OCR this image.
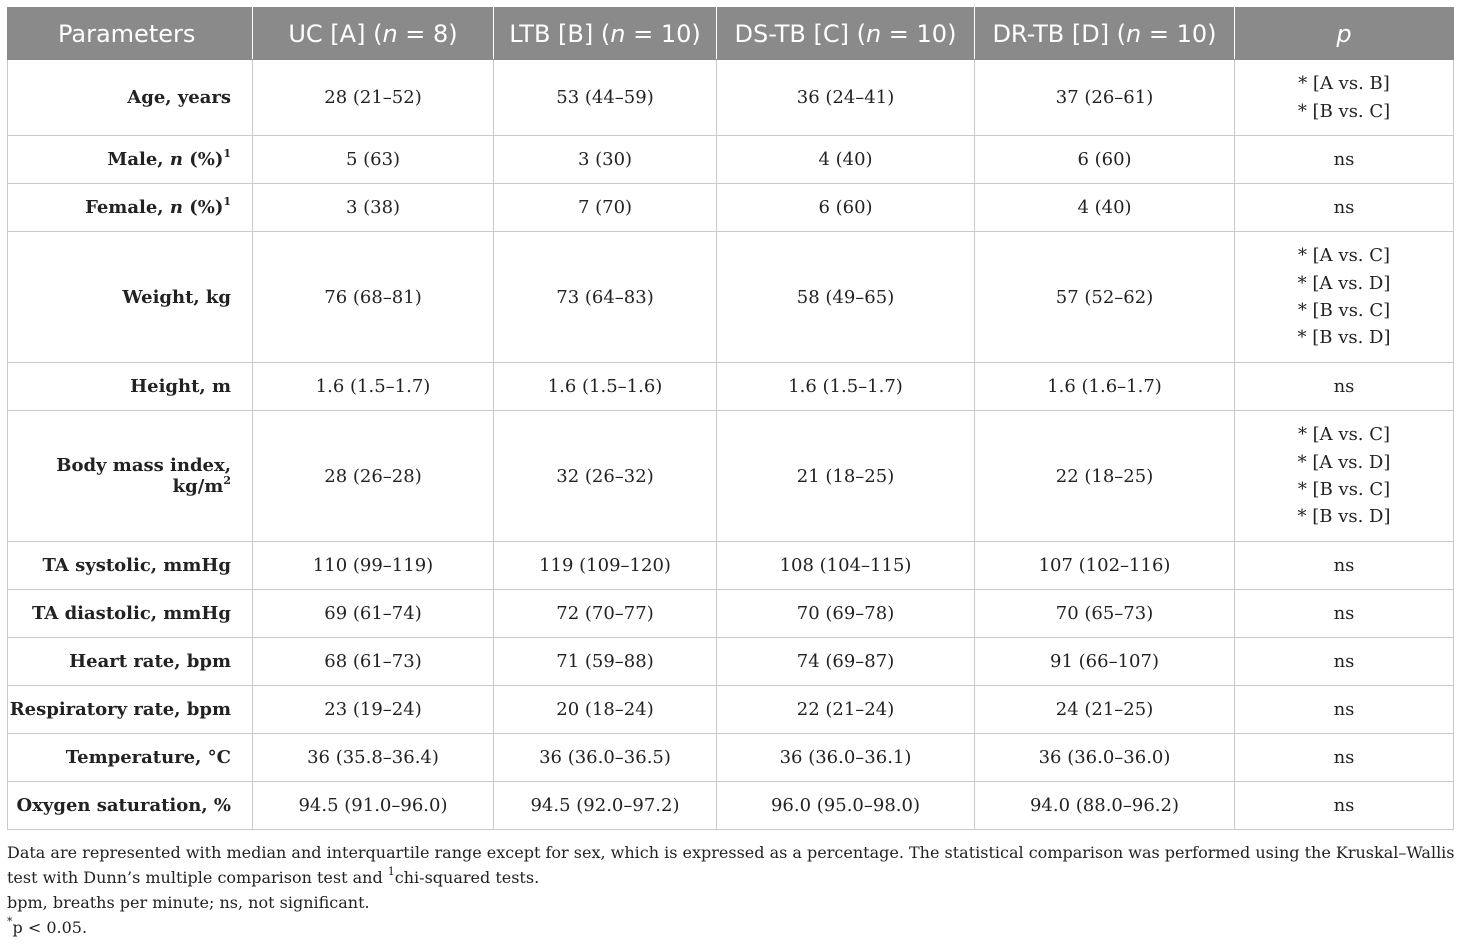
Parameters	UC [A] (n = 8)	LTB [B] (n = 10)	DS-TB [C] (n = 10)	DR-TB [D] (n = 10)	p
Age, years	28 (21–52)	53 (44–59)	36 (24–41)	37 (26–61)	* [A vs. B]
* [B vs. C]

Male, n (%)$^1$	5 (63)	3 (30)	4 (40)	6 (60)	ns
Female, n (%)$^1$	3 (38)	7 (70)	6 (60)	4 (40)	ns
Weight, kg	76 (68–81)	73 (64–83)	58 (49–65)	57 (52–62)	* [A vs. C]
* [A vs. D]
* [B vs. C]
* [B vs. D]

Height, m	1.6 (1.5–1.7)	1.6 (1.5–1.6)	1.6 (1.5–1.7)	1.6 (1.6–1.7)	ns
Body mass index, $kg/m^2$	28 (26–28)	32 (26–32)	21 (18–25)	22 (18–25)	* [A vs. C]
* [A vs. D]
* [B vs. C]
* [B vs. D]

TA systolic, mmHg	110 (99–119)	119 (109–120)	108 (104–115)	107 (102–116)	ns
TA diastolic, mmHg	69 (61–74)	72 (70–77)	70 (69–78)	70 (65–73)	ns
Heart rate, bpm	68 (61–73)	71 (59–88)	74 (69–87)	91 (66–107)	ns
Respiratory rate, bpm	23 (19–24)	20 (18–24)	22 (21–24)	24 (21–25)	ns
Temperature, °C	36 (35.8–36.4)	36 (36.0–36.5)	36 (36.0–36.1)	36 (36.0–36.0)	ns
Oxygen saturation, %	94.5 (91.0–96.0)	94.5 (92.0–97.2)	96.0 (95.0–98.0)	94.0 (88.0–96.2)	ns
Data are represented with median and interquartile range except for sex, which is expressed as a percentage. The statistical comparison was performed using the Kruskal–Wallis test with Dunn’s multiple comparison test and $^1$chi-squared tests.
bpm, breaths per minute; ns, not significant.
*p < 0.05.
